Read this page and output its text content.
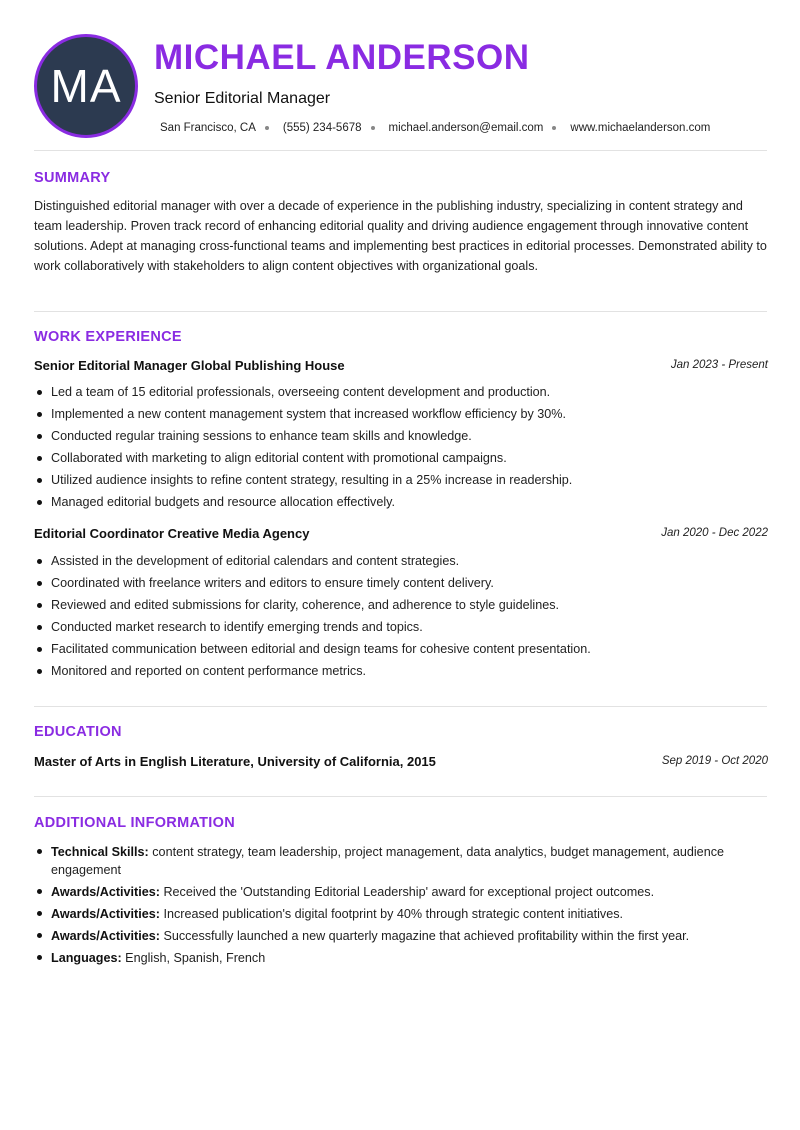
MA
MICHAEL ANDERSON
Senior Editorial Manager
San Francisco, CA (555) 234-5678 michael.anderson@email.com www.michaelanderson.com
SUMMARY
Distinguished editorial manager with over a decade of experience in the publishing industry, specializing in content strategy and team leadership. Proven track record of enhancing editorial quality and driving audience engagement through innovative content solutions. Adept at managing cross-functional teams and implementing best practices in editorial processes. Demonstrated ability to work collaboratively with stakeholders to align content objectives with organizational goals.
WORK EXPERIENCE
Senior Editorial Manager Global Publishing House	Jan 2023 - Present
Led a team of 15 editorial professionals, overseeing content development and production.
Implemented a new content management system that increased workflow efficiency by 30%.
Conducted regular training sessions to enhance team skills and knowledge.
Collaborated with marketing to align editorial content with promotional campaigns.
Utilized audience insights to refine content strategy, resulting in a 25% increase in readership.
Managed editorial budgets and resource allocation effectively.
Editorial Coordinator Creative Media Agency	Jan 2020 - Dec 2022
Assisted in the development of editorial calendars and content strategies.
Coordinated with freelance writers and editors to ensure timely content delivery.
Reviewed and edited submissions for clarity, coherence, and adherence to style guidelines.
Conducted market research to identify emerging trends and topics.
Facilitated communication between editorial and design teams for cohesive content presentation.
Monitored and reported on content performance metrics.
EDUCATION
Master of Arts in English Literature, University of California, 2015	Sep 2019 - Oct 2020
ADDITIONAL INFORMATION
Technical Skills: content strategy, team leadership, project management, data analytics, budget management, audience engagement
Awards/Activities: Received the 'Outstanding Editorial Leadership' award for exceptional project outcomes.
Awards/Activities: Increased publication's digital footprint by 40% through strategic content initiatives.
Awards/Activities: Successfully launched a new quarterly magazine that achieved profitability within the first year.
Languages: English, Spanish, French
